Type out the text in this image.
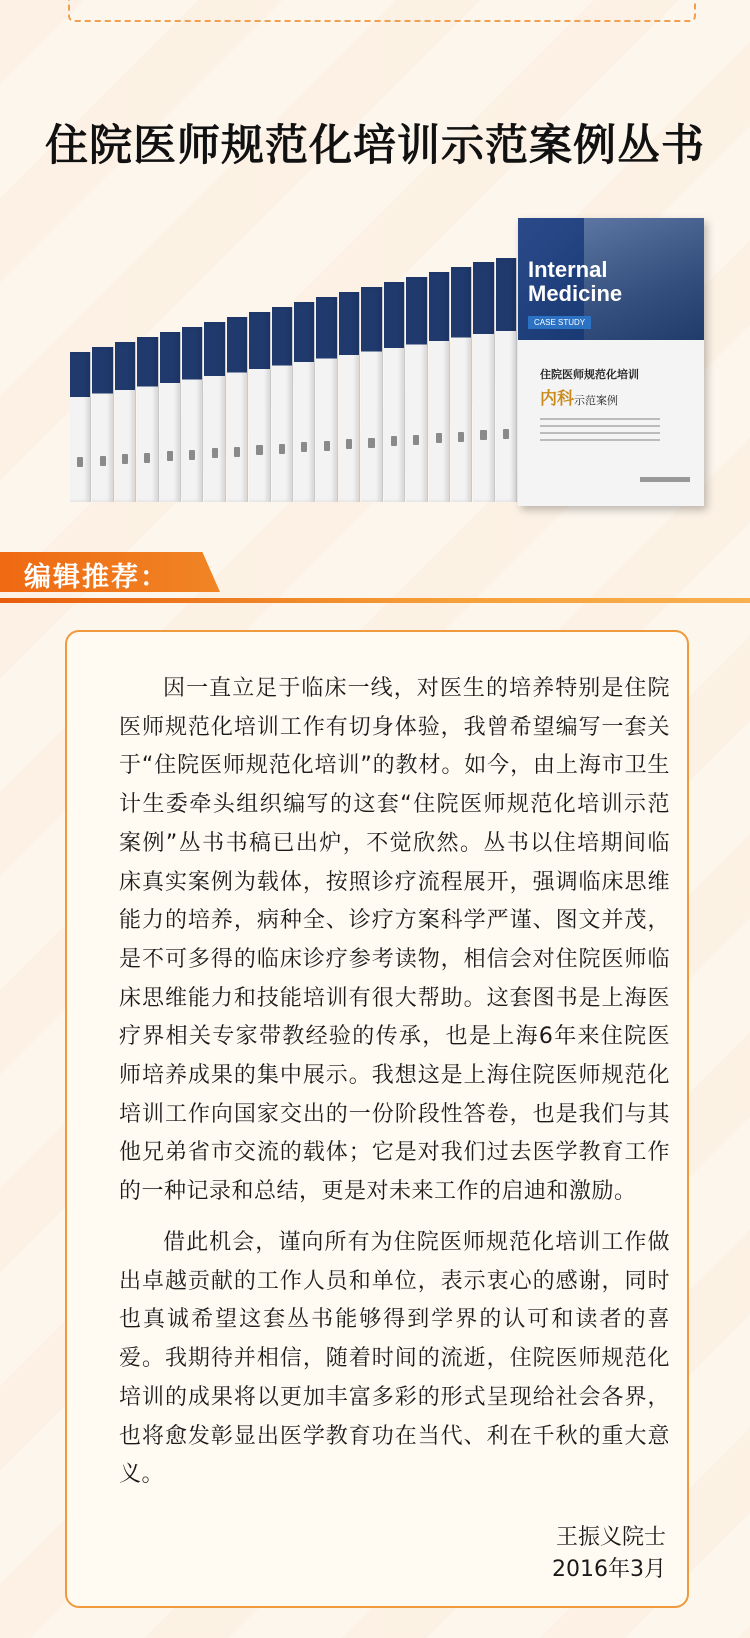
住院医师规范化培训示范案例丛书
Internal Medicine
CASE STUDY
住院医师规范化培训
内科示范案例
编辑推荐：

因一直立足于临床一线，对医生的培养特别是住院医师规范化培训工作有切身体验，我曾希望编写一套关于“住院医师规范化培训”的教材。如今，由上海市卫生计生委牵头组织编写的这套“住院医师规范化培训示范案例”丛书书稿已出炉，不觉欣然。丛书以住培期间临床真实案例为载体，按照诊疗流程展开，强调临床思维能力的培养，病种全、诊疗方案科学严谨、图文并茂，是不可多得的临床诊疗参考读物，相信会对住院医师临床思维能力和技能培训有很大帮助。这套图书是上海医疗界相关专家带教经验的传承，也是上海6年来住院医师培养成果的集中展示。我想这是上海住院医师规范化培训工作向国家交出的一份阶段性答卷，也是我们与其他兄弟省市交流的载体；它是对我们过去医学教育工作的一种记录和总结，更是对未来工作的启迪和激励。

借此机会，谨向所有为住院医师规范化培训工作做出卓越贡献的工作人员和单位，表示衷心的感谢，同时也真诚希望这套丛书能够得到学界的认可和读者的喜爱。我期待并相信，随着时间的流逝，住院医师规范化培训的成果将以更加丰富多彩的形式呈现给社会各界，也将愈发彰显出医学教育功在当代、利在千秋的重大意义。

王振义院士
2016年3月
